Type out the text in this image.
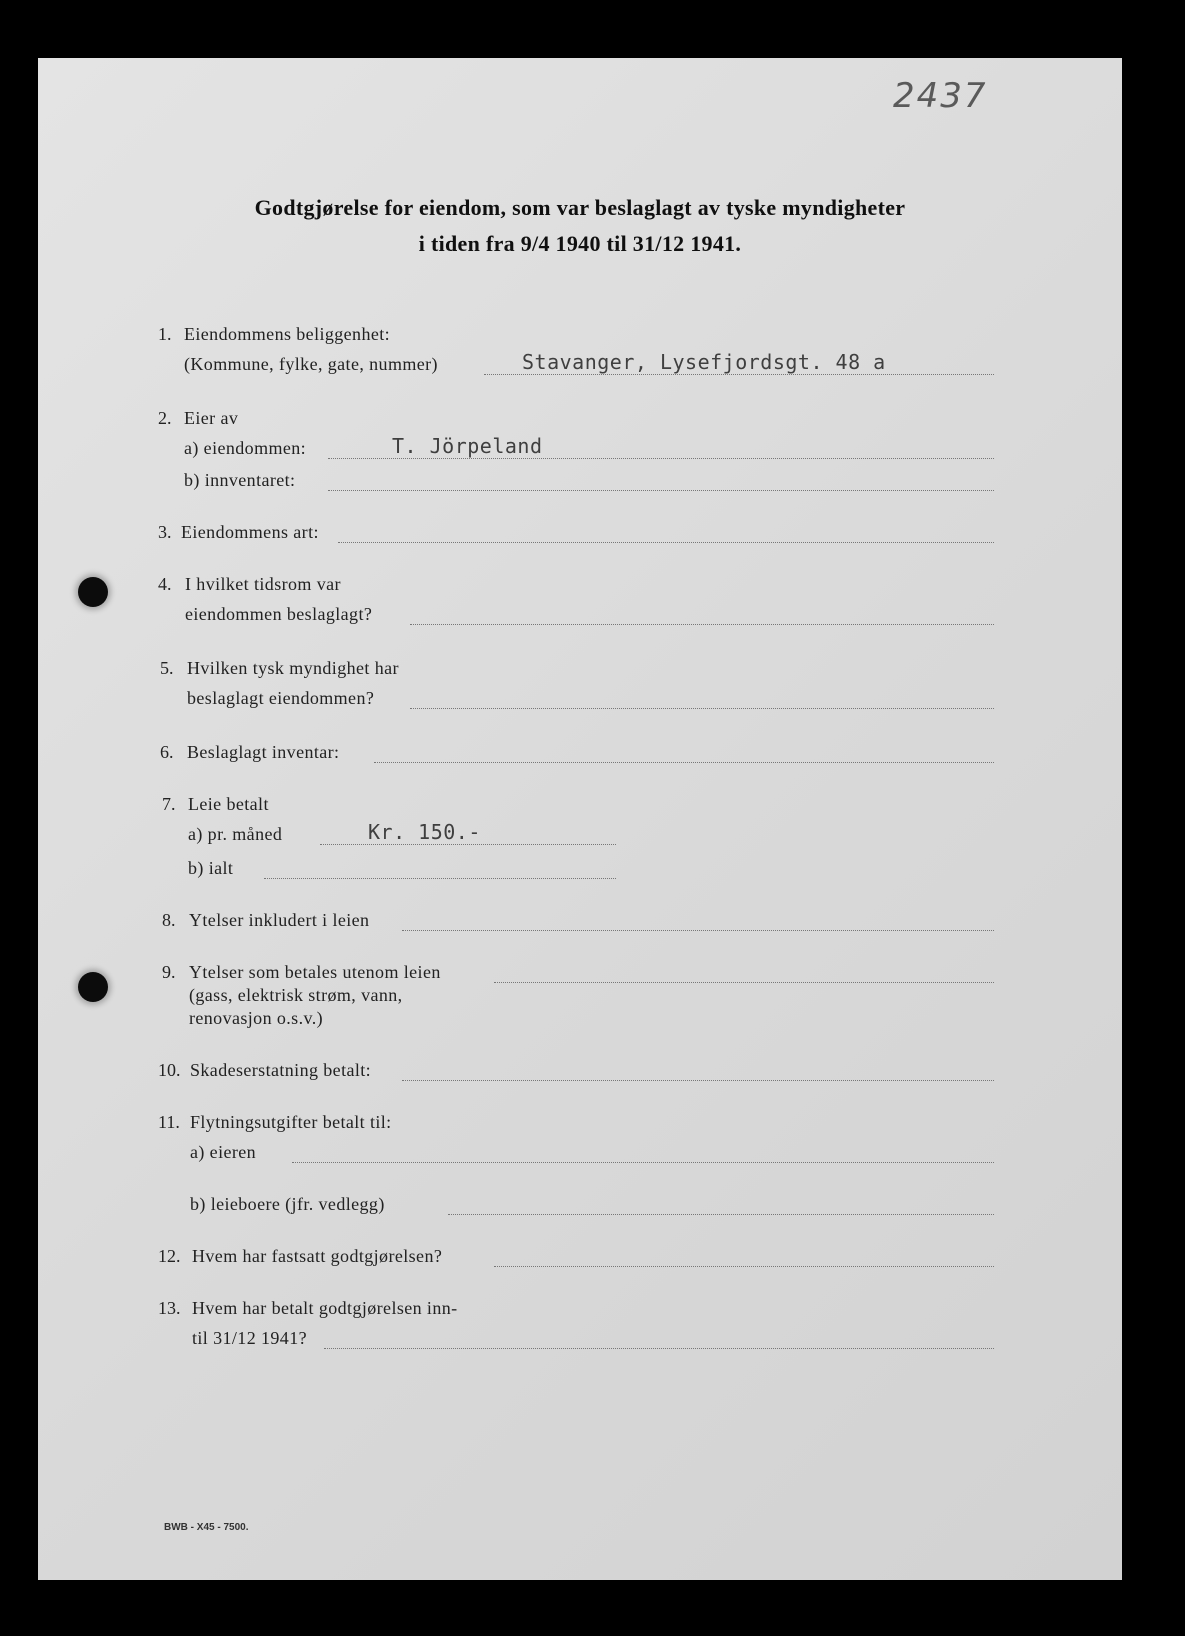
2437
Godtgjørelse for eiendom, som var beslaglagt av tyske myndigheter
i tiden fra 9/4 1940 til 31/12 1941.
1. Eiendommens beliggenhet:
(Kommune, fylke, gate, nummer)	Stavanger, Lysefjordsgt. 48 a
2. Eier av
a) eiendommen:	T. Jörpeland
b) innventaret:
3. Eiendommens art:
4. I hvilket tidsrom var
eiendommen beslaglagt?
5. Hvilken tysk myndighet har
beslaglagt eiendommen?
6. Beslaglagt inventar:
7. Leie betalt
a) pr. måned	Kr. 150.-
b) ialt
8. Ytelser inkludert i leien
9. Ytelser som betales utenom leien
(gass, elektrisk strøm, vann,
renovasjon o.s.v.)
10. Skadeserstatning betalt:
11. Flytningsutgifter betalt til:
a) eieren
b) leieboere (jfr. vedlegg)
12. Hvem har fastsatt godtgjørelsen?
13. Hvem har betalt godtgjørelsen inn-
til 31/12 1941?
BWB - X45 - 7500.
